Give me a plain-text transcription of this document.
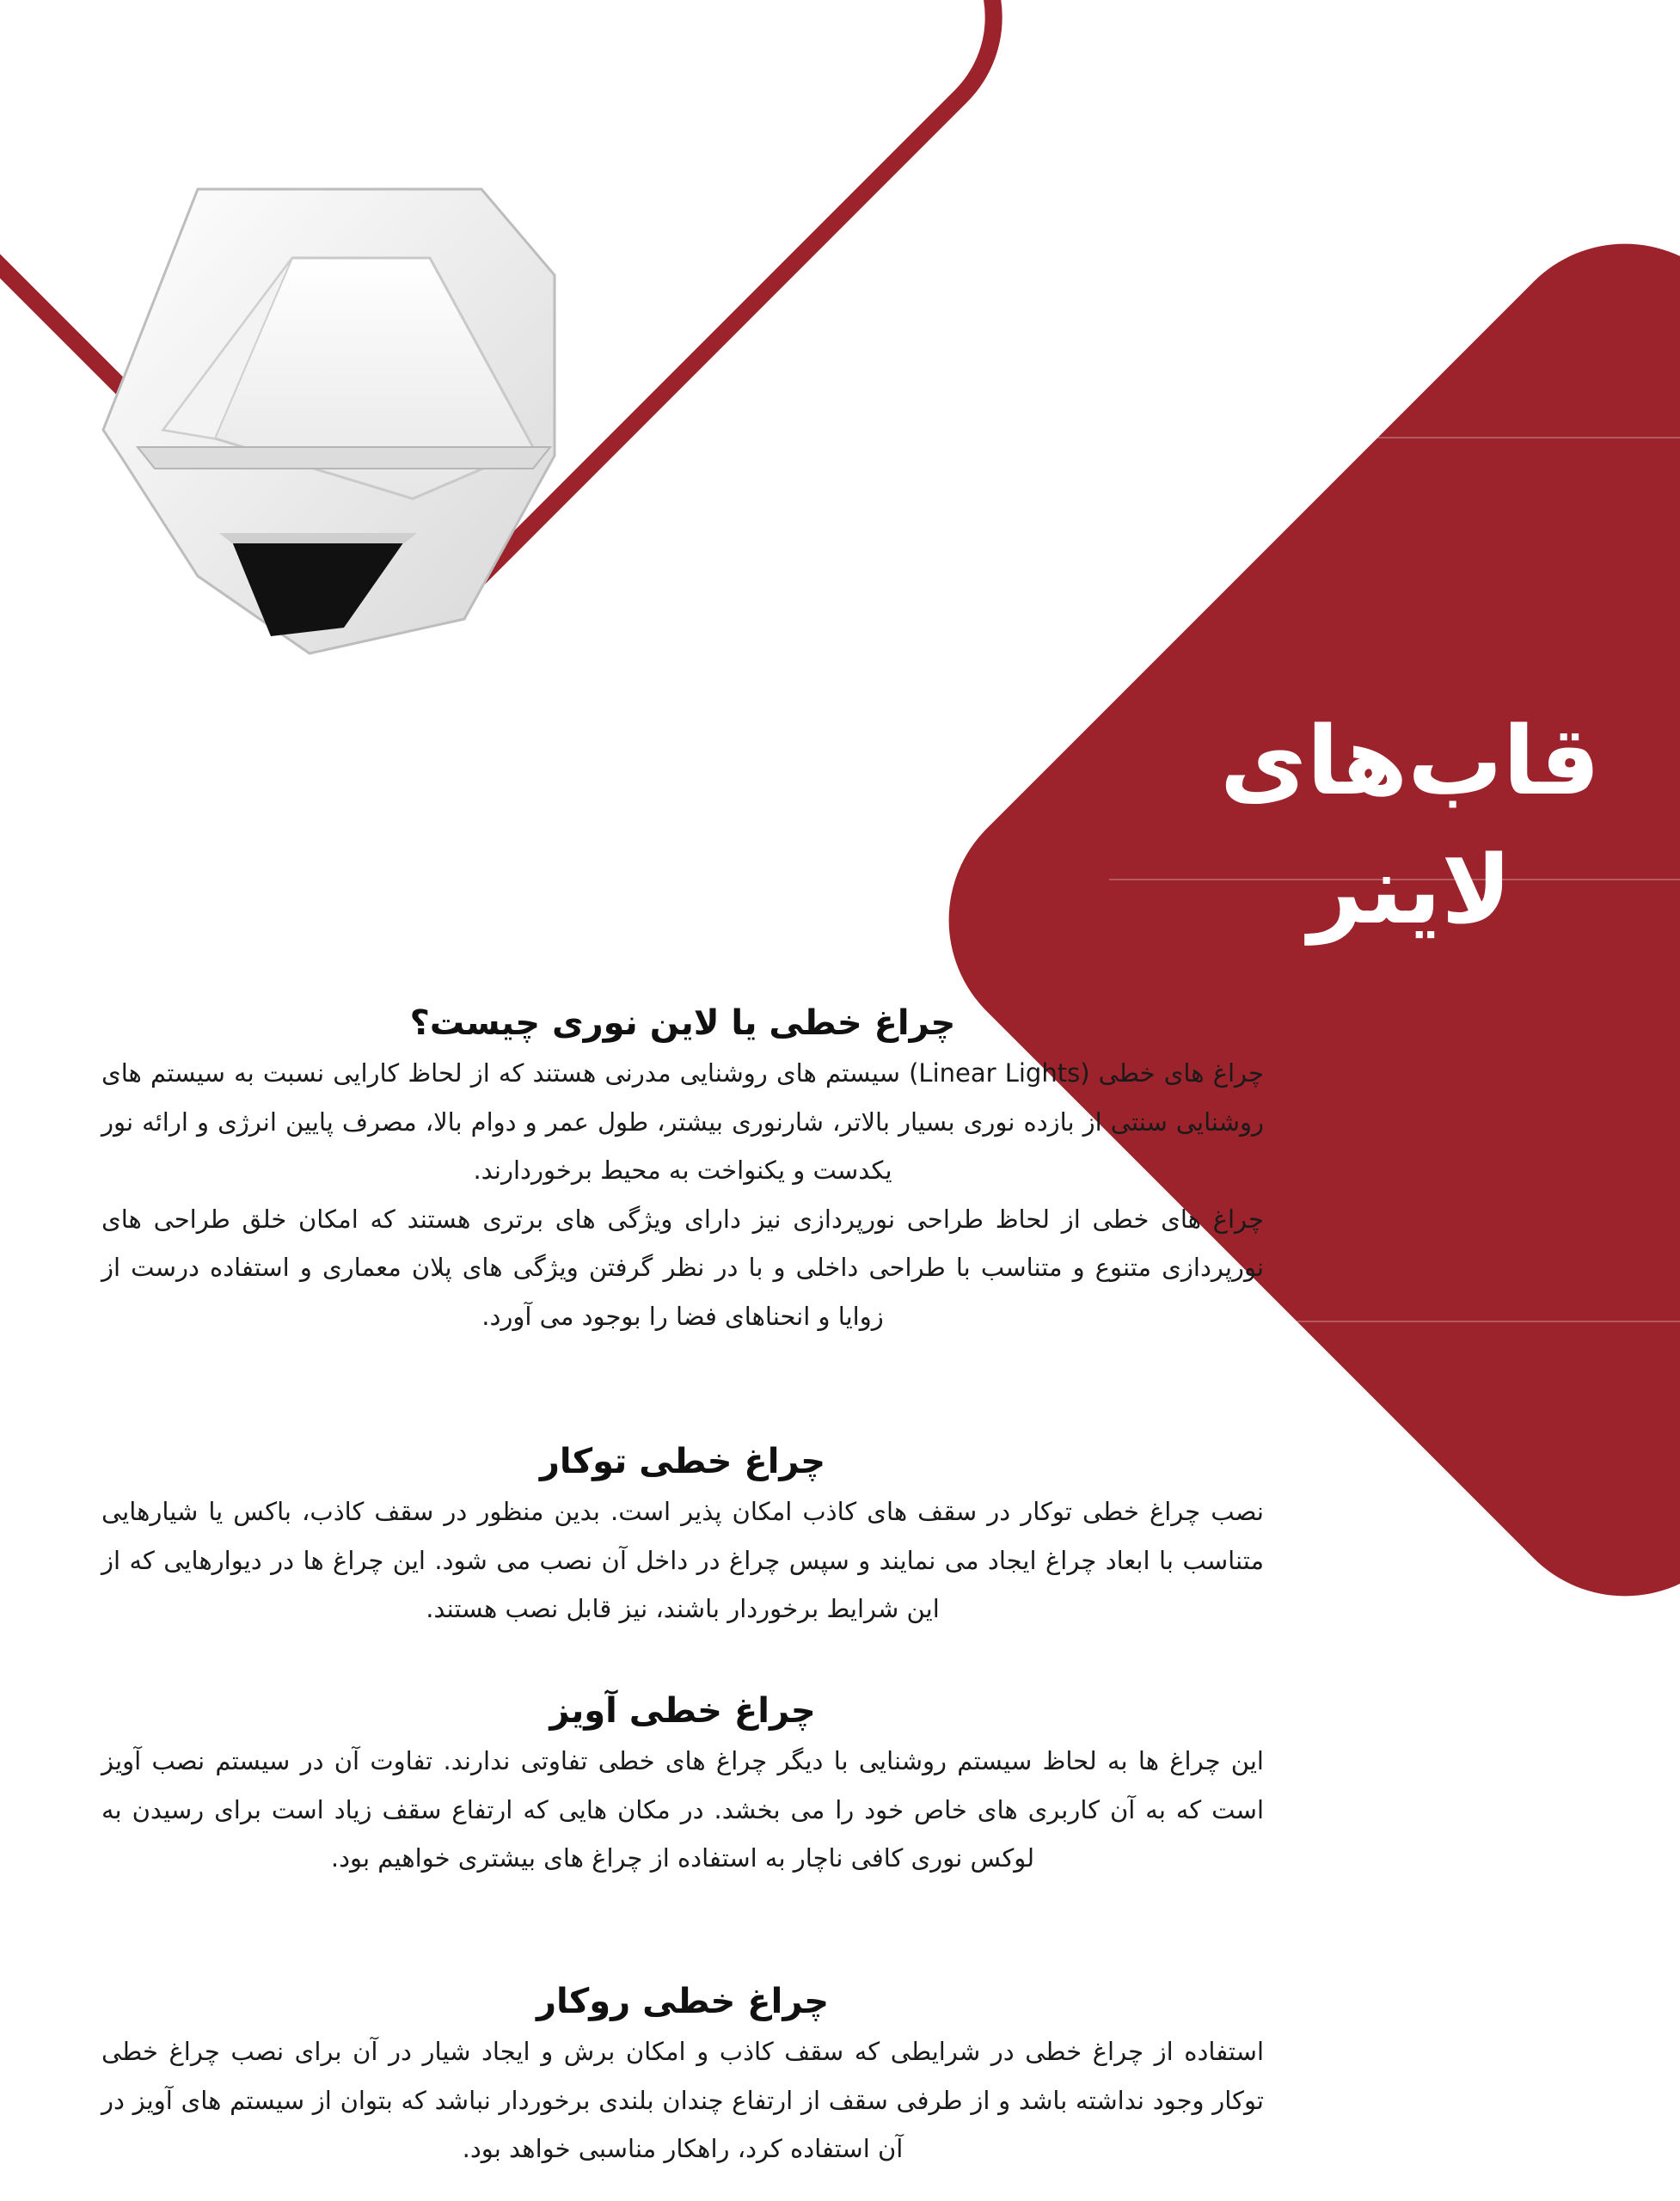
قاب‌های
لاینر
چراغ خطی یا لاین نوری چیست؟

چراغ های خطی (Linear Lights) سیستم های روشنایی مدرنی هستند که از لحاظ کارایی نسبت به سیستم های روشنایی سنتی از بازده نوری بسیار بالاتر، شارنوری بیشتر، طول عمر و دوام بالا، مصرف پایین انرژی و ارائه نور یکدست و یکنواخت به محیط برخوردارند.

چراغ های خطی از لحاظ طراحی نورپردازی نیز دارای ویژگی های برتری هستند که امکان خلق طراحی های نورپردازی متنوع و متناسب با طراحی داخلی و با در نظر گرفتن ویژگی های پلان معماری و استفاده درست از زوایا و انحناهای فضا را بوجود می آورد.

چراغ خطی توکار

نصب چراغ خطی توکار در سقف های کاذب امکان پذیر است. بدین منظور در سقف کاذب، باکس یا شیارهایی متناسب با ابعاد چراغ ایجاد می نمایند و سپس چراغ در داخل آن نصب می شود. این چراغ ها در دیوارهایی که از این شرایط برخوردار باشند، نیز قابل نصب هستند.

چراغ خطی آویز

این چراغ ها به لحاظ سیستم روشنایی با دیگر چراغ های خطی تفاوتی ندارند. تفاوت آن در سیستم نصب آویز است که به آن کاربری های خاص خود را می بخشد. در مکان هایی که ارتفاع سقف زیاد است برای رسیدن به لوکس نوری کافی ناچار به استفاده از چراغ های بیشتری خواهیم بود.

چراغ خطی روکار

استفاده از چراغ خطی در شرایطی که سقف کاذب و امکان برش و ایجاد شیار در آن برای نصب چراغ خطی توکار وجود نداشته باشد و از طرفی سقف از ارتفاع چندان بلندی برخوردار نباشد که بتوان از سیستم های آویز در آن استفاده کرد، راهکار مناسبی خواهد بود.
